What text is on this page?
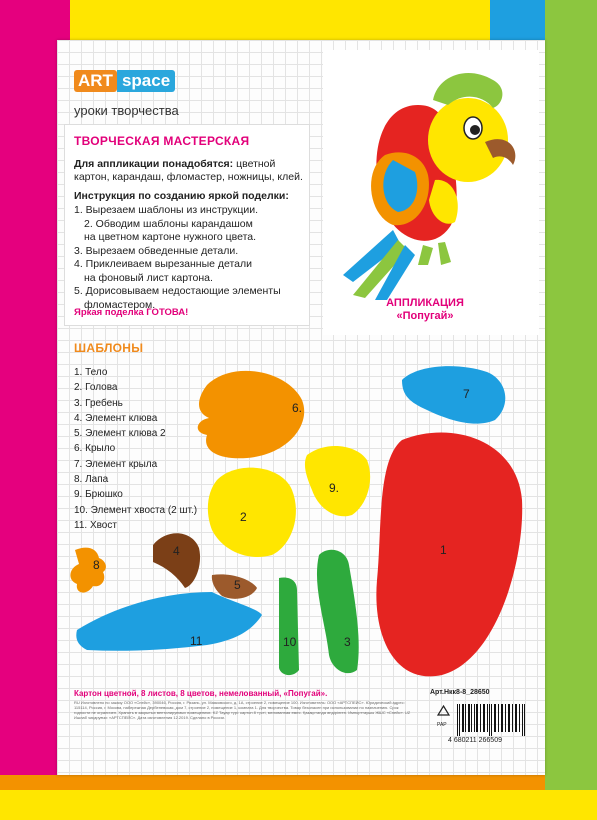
ART space
уроки творчества
ТВОРЧЕСКАЯ МАСТЕРСКАЯ
Для аппликации понадобятся: цветной картон, карандаш, фломастер, ножницы, клей.
Инструкция по созданию яркой поделки:
1. Вырезаем шаблоны из инструкции.
2. Обводим шаблоны карандашом
на цветном картоне нужного цвета.
3. Вырезаем обведенные детали.
4. Приклеиваем вырезанные детали
на фоновый лист картона.
5. Дорисовываем недостающие элементы
фломастером.
Яркая поделка ГОТОВА!
АППЛИКАЦИЯ
«Попугай»
ШАБЛОНЫ
1. Тело
2. Голова
3. Гребень
4. Элемент клюва
5. Элемент клюва 2
6. Крыло
7. Элемент крыла
8. Лапа
9. Брюшко
10. Элемент хвоста (2 шт.)
11. Хвост
6.
7
1
9.
2
4
8
5
11	10	3
Картон цветной, 8 листов, 8 цветов, немелованный, «Попугай».	Арт.Нкк8-8_28650
RU Изготовлено по заказу ООО «Спейс», 390046, Россия, г. Рязань, ул. Маяковского, д. 1А, строение 2, помещение 100. Изготовитель: ООО «АРТСПЕЙС». Юридический адрес: 115114, Россия, г. Москва, набережная Дербеневская, дом 7, строение 2, помещение 1, комната 1. Для творчества. Товар безопасен при использовании по назначению. Срок годности не ограничен. Хранить в закрытых вентилируемых помещениях. KZ Тауар түрі: картон 8 түсті, мелованная емес. Қазақстанда өндірілген. Импорттаушы ЖШС «Спейс». UZ Ишлаб чиқарувчи: «АРТСПЕЙС». Дата изготовления 12.2019. Сделано в России.
PAP
4 680211 266509
